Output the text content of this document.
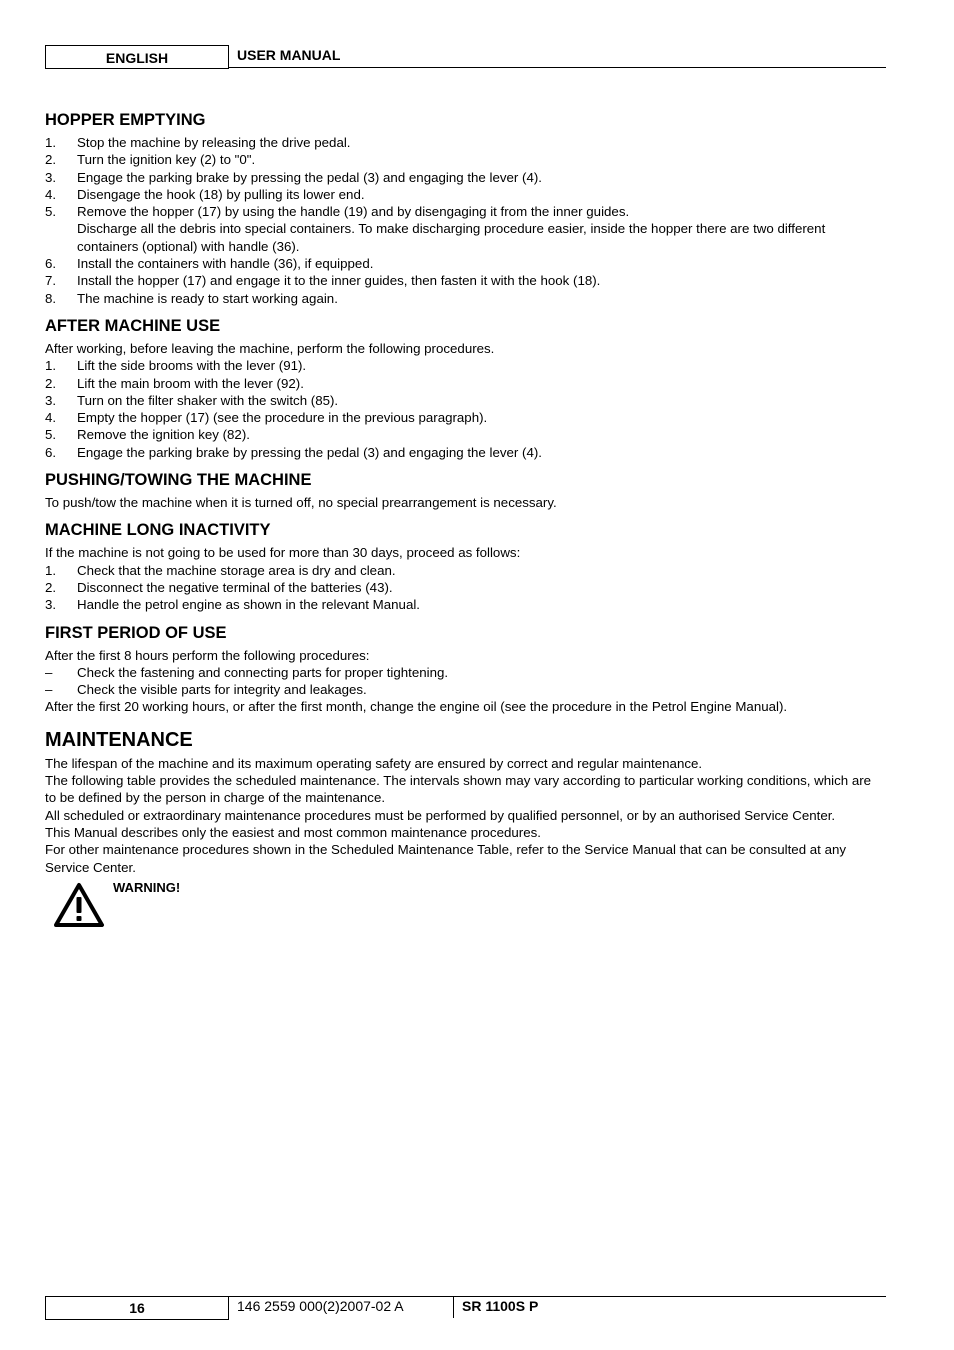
ENGLISH	USER MANUAL
HOPPER EMPTYING
1.	Stop the machine by releasing the drive pedal.
2.	Turn the ignition key (2) to "0".
3.	Engage the parking brake by pressing the pedal (3) and engaging the lever (4).
4.	Disengage the hook (18) by pulling its lower end.
5.	Remove the hopper (17) by using the handle (19) and by disengaging it from the inner guides.
Discharge all the debris into special containers. To make discharging procedure easier, inside the hopper there are two different containers (optional) with handle (36).
6.	Install the containers with handle (36), if equipped.
7.	Install the hopper (17) and engage it to the inner guides, then fasten it with the hook (18).
8.	The machine is ready to start working again.
AFTER MACHINE USE

After working, before leaving the machine, perform the following procedures.

1.	Lift the side brooms with the lever (91).
2.	Lift the main broom with the lever (92).
3.	Turn on the filter shaker with the switch (85).
4.	Empty the hopper (17) (see the procedure in the previous paragraph).
5.	Remove the ignition key (82).
6.	Engage the parking brake by pressing the pedal (3) and engaging the lever (4).
PUSHING/TOWING THE MACHINE

To push/tow the machine when it is turned off, no special prearrangement is necessary.

MACHINE LONG INACTIVITY

If the machine is not going to be used for more than 30 days, proceed as follows:

1.	Check that the machine storage area is dry and clean.
2.	Disconnect the negative terminal of the batteries (43).
3.	Handle the petrol engine as shown in the relevant Manual.
FIRST PERIOD OF USE

After the first 8 hours perform the following procedures:

–	Check the fastening and connecting parts for proper tightening.
–	Check the visible parts for integrity and leakages.

After the first 20 working hours, or after the first month, change the engine oil (see the procedure in the Petrol Engine Manual).

MAINTENANCE

The lifespan of the machine and its maximum operating safety are ensured by correct and regular maintenance.

The following table provides the scheduled maintenance. The intervals shown may vary according to particular working conditions, which are to be defined by the person in charge of the maintenance.

All scheduled or extraordinary maintenance procedures must be performed by qualified personnel, or by an authorised Service Center.

This Manual describes only the easiest and most common maintenance procedures.

For other maintenance procedures shown in the Scheduled Maintenance Table, refer to the Service Manual that can be consulted at any Service Center.

WARNING!
16	146 2559 000(2)2007-02 A	SR 1100S P
